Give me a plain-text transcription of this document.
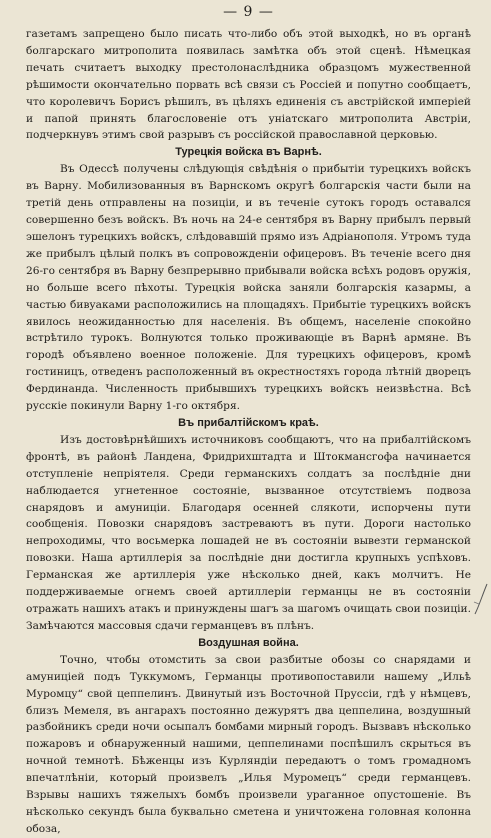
— 9 —

газетамъ запрещено было писать что-либо объ этой выходкѣ, но въ органѣ болгарскаго митрополита появилась замѣтка объ этой сценѣ. Нѣмецкая печать считаетъ выходку престолонаслѣдника образцомъ мужественной рѣшимости окончательно порвать всѣ связи съ Россіей и попутно сообщаетъ, что королевичъ Борисъ рѣшилъ, въ цѣляхъ единенія съ австрійской имперіей и папой принять благословеніе отъ уніатскаго митрополита Австріи, подчеркнувъ этимъ свой разрывъ съ россійской православной церковью.

Турецкія войска въ Варнѣ.

Въ Одессѣ получены слѣдующія свѣдѣнія о прибытіи турецкихъ войскъ въ Варну. Мобилизованныя въ Варнскомъ округѣ болгарскія части были на третій день отправлены на позиціи, и въ теченіе сутокъ городъ оставался совершенно безъ войскъ. Въ ночь на 24-е сентября въ Варну прибылъ первый эшелонъ турецкихъ войскъ, слѣдовавшій прямо изъ Адріанополя. Утромъ туда же прибылъ цѣлый полкъ въ сопровожденіи офицеровъ. Въ теченіе всего дня 26-го сентября въ Варну безпрерывно прибывали войска всѣхъ родовъ оружія, но больше всего пѣхоты. Турецкія войска заняли болгарскія казармы, а частью бивуаками расположились на площадяхъ. Прибытіе турецкихъ войскъ явилось неожиданностью для населенія. Въ общемъ, населеніе спокойно встрѣтило турокъ. Волнуются только проживающіе въ Варнѣ армяне. Въ городѣ объявлено военное положеніе. Для турецкихъ офицеровъ, кромѣ гостиницъ, отведенъ расположенный въ окрестностяхъ города лѣтній дворецъ Фердинанда. Численность прибывшихъ турецкихъ войскъ неизвѣстна. Всѣ русскіе покинули Варну 1-го октября.

Въ прибалтійскомъ краѣ.

Изъ достовѣрнѣйшихъ источниковъ сообщаютъ, что на прибалтійскомъ фронтѣ, въ районѣ Ландена, Фридрихштадта и Штокмансгофа начинается отступленіе непріятеля. Среди германскихъ солдатъ за послѣдніе дни наблюдается угнетенное состояніе, вызванное отсутствіемъ подвоза снарядовъ и амуниціи. Благодаря осенней слякоти, испорчены пути сообщенія. Повозки снарядовъ застреваютъ въ пути. Дороги настолько непроходимы, что восьмерка лошадей не въ состояніи вывезти германской повозки. Наша артиллерія за послѣдніе дни достигла крупныхъ успѣховъ. Германская же артиллерія уже нѣсколько дней, какъ молчитъ. Не поддерживаемые огнемъ своей артиллеріи германцы не въ состояніи отражать нашихъ атакъ и принуждены шагъ за шагомъ очищать свои позиціи. Замѣчаются массовыя сдачи германцевъ въ плѣнъ.

Воздушная война.

Точно, чтобы отомстить за свои разбитые обозы со снарядами и амуниціей подъ Туккумомъ, Германцы противопоставили нашему „Ильѣ Муромцу“ свой цеппелинъ. Двинутый изъ Восточной Пруссіи, гдѣ у нѣмцевъ, близъ Мемеля, въ ангарахъ постоянно дежурятъ два цеппелина, воздушный разбойникъ среди ночи осыпалъ бомбами мирный городъ. Вызвавъ нѣсколько пожаровъ и обнаруженный нашими, цеппелинами поспѣшилъ скрыться въ ночной темнотѣ. Бѣженцы изъ Курляндіи передаютъ о томъ громадномъ впечатлѣніи, который произвелъ „Илья Муромецъ“ среди германцевъ. Взрывы нашихъ тяжелыхъ бомбъ произвели ураганное опустошеніе. Въ нѣсколько секундъ была буквально сметена и уничтожена головная колонна обоза,
